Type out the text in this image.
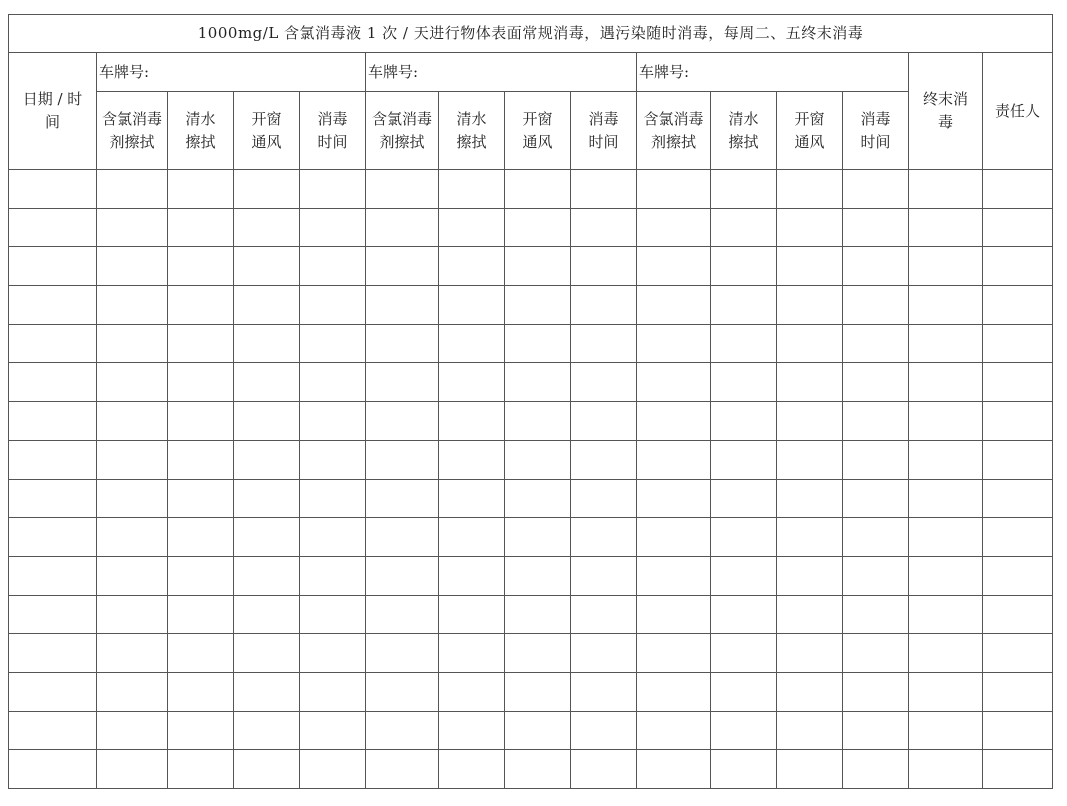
1000mg/L 含氯消毒液 1 次 / 天进行物体表面常规消毒，遇污染随时消毒，每周二、五终末消毒														

日期 / 时间	车牌号:				车牌号:				车牌号:				终末消毒	责任人

	含氯消毒剂擦拭	清水擦拭	开窗通风	消毒时间	含氯消毒剂擦拭	清水擦拭	开窗通风	消毒时间	含氯消毒剂擦拭	清水擦拭	开窗通风	消毒时间		
